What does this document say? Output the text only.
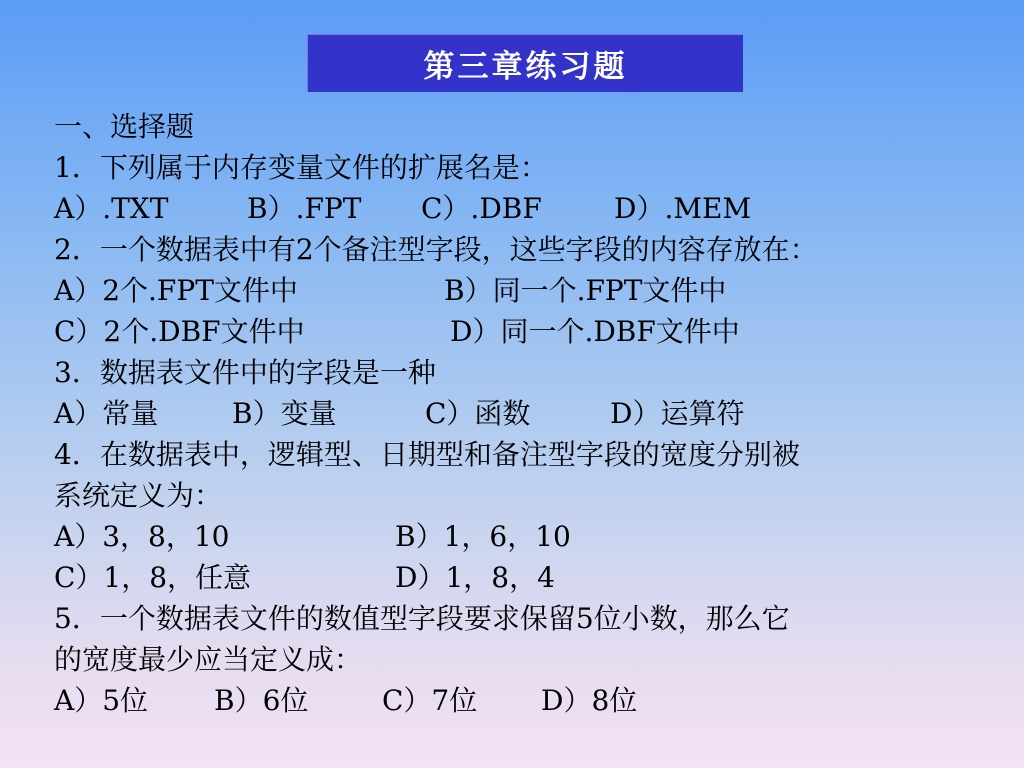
第三章练习题
一、选择题
1．下列属于内存变量文件的扩展名是：
A）.TXT	B）.FPT C）.DBF	D）.MEM
2．一个数据表中有2个备注型字段，这些字段的内容存放在：
A）2个.FPT文件中	B）同一个.FPT文件中
C）2个.DBF文件中	D）同一个.DBF文件中
3．数据表文件中的字段是一种
A）常量	B）变量	C）函数	D）运算符
4．在数据表中，逻辑型、日期型和备注型字段的宽度分别被
系统定义为：
A）3，8，10	B）1，6，10
C）1，8，任意	D）1，8，4
5．一个数据表文件的数值型字段要求保留5位小数，那么它
的宽度最少应当定义成：
A）5位 B）6位	C）7位 D）8位
